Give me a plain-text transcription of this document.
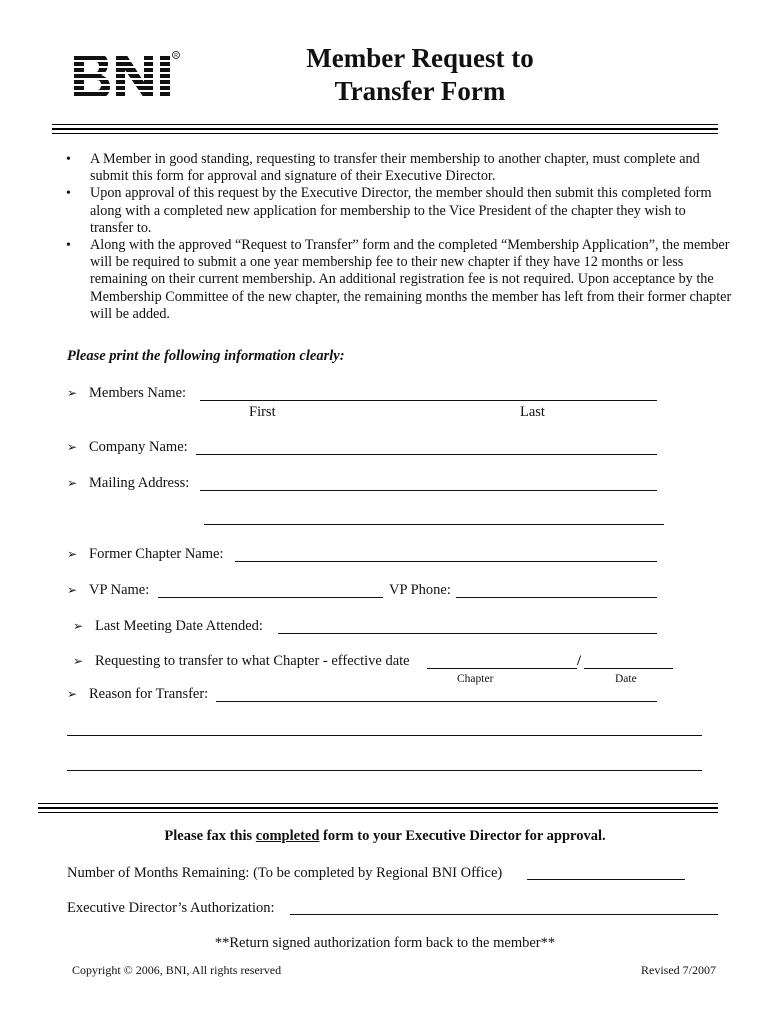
R	Member Request to
Transfer Form
• A Member in good standing, requesting to transfer their membership to another chapter, must complete and submit this form for approval and signature of their Executive Director.
• Upon approval of this request by the Executive Director, the member should then submit this completed form along with a completed new application for membership to the Vice President of the chapter they wish to transfer to.
• Along with the approved “Request to Transfer” form and the completed “Membership Application”, the member will be required to submit a one year membership fee to their new chapter if they have 12 months or less remaining on their current membership. An additional registration fee is not required. Upon acceptance by the Membership Committee of the new chapter, the remaining months the member has left from their former chapter will be added.
Please print the following information clearly:
➢ Members Name:
First	Last
➢ Company Name:
➢ Mailing Address:
➢ Former Chapter Name:
➢ VP Name:	VP Phone:
➢ Last Meeting Date Attended:
➢ Requesting to transfer to what Chapter - effective date	/
Chapter	Date
➢ Reason for Transfer:
Please fax this completed form to your Executive Director for approval.
Number of Months Remaining: (To be completed by Regional BNI Office)
Executive Director’s Authorization:
**Return signed authorization form back to the member**
Copyright © 2006, BNI, All rights reserved	Revised 7/2007
